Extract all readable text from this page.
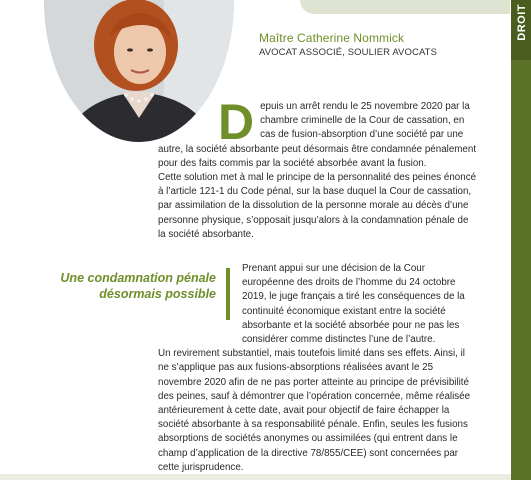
Maître Catherine Nommick
AVOCAT ASSOCIÉ, SOULIER AVOCATS
DROIT

Depuis un arrêt rendu le 25 novembre 2020 par la chambre criminelle de la Cour de cassation, en cas de fusion-absorption d’une société par une autre, la société absorbante peut désormais être condamnée pénalement pour des faits commis par la société absorbée avant la fusion.

Cette solution met à mal le principe de la personnalité des peines énoncé à l’article 121-1 du Code pénal, sur la base duquel la Cour de cassation, par assimilation de la dissolution de la personne morale au décès d’une personne physique, s’opposait jusqu’alors à la condamnation pénale de la société absorbante.

Une condamnation pénale désormais possible

Prenant appui sur une décision de la Cour européenne des droits de l’homme du 24 octobre 2019, le juge français a tiré les conséquences de la continuité économique existant entre la société absorbante et la société absorbée pour ne pas les considérer comme distinctes l’une de l’autre.

Un revirement substantiel, mais toutefois limité dans ses effets. Ainsi, il ne s’applique pas aux fusions-absorptions réalisées avant le 25 novembre 2020 afin de ne pas porter atteinte au principe de prévisibilité des peines, sauf à démontrer que l’opération concernée, même réalisée antérieurement à cette date, avait pour objectif de faire échapper la société absorbante à sa responsabilité pénale. Enfin, seules les fusions absorptions de sociétés anonymes ou assimilées (qui entrent dans le champ d’application de la directive 78/855/CEE) sont concernées par cette jurisprudence.
